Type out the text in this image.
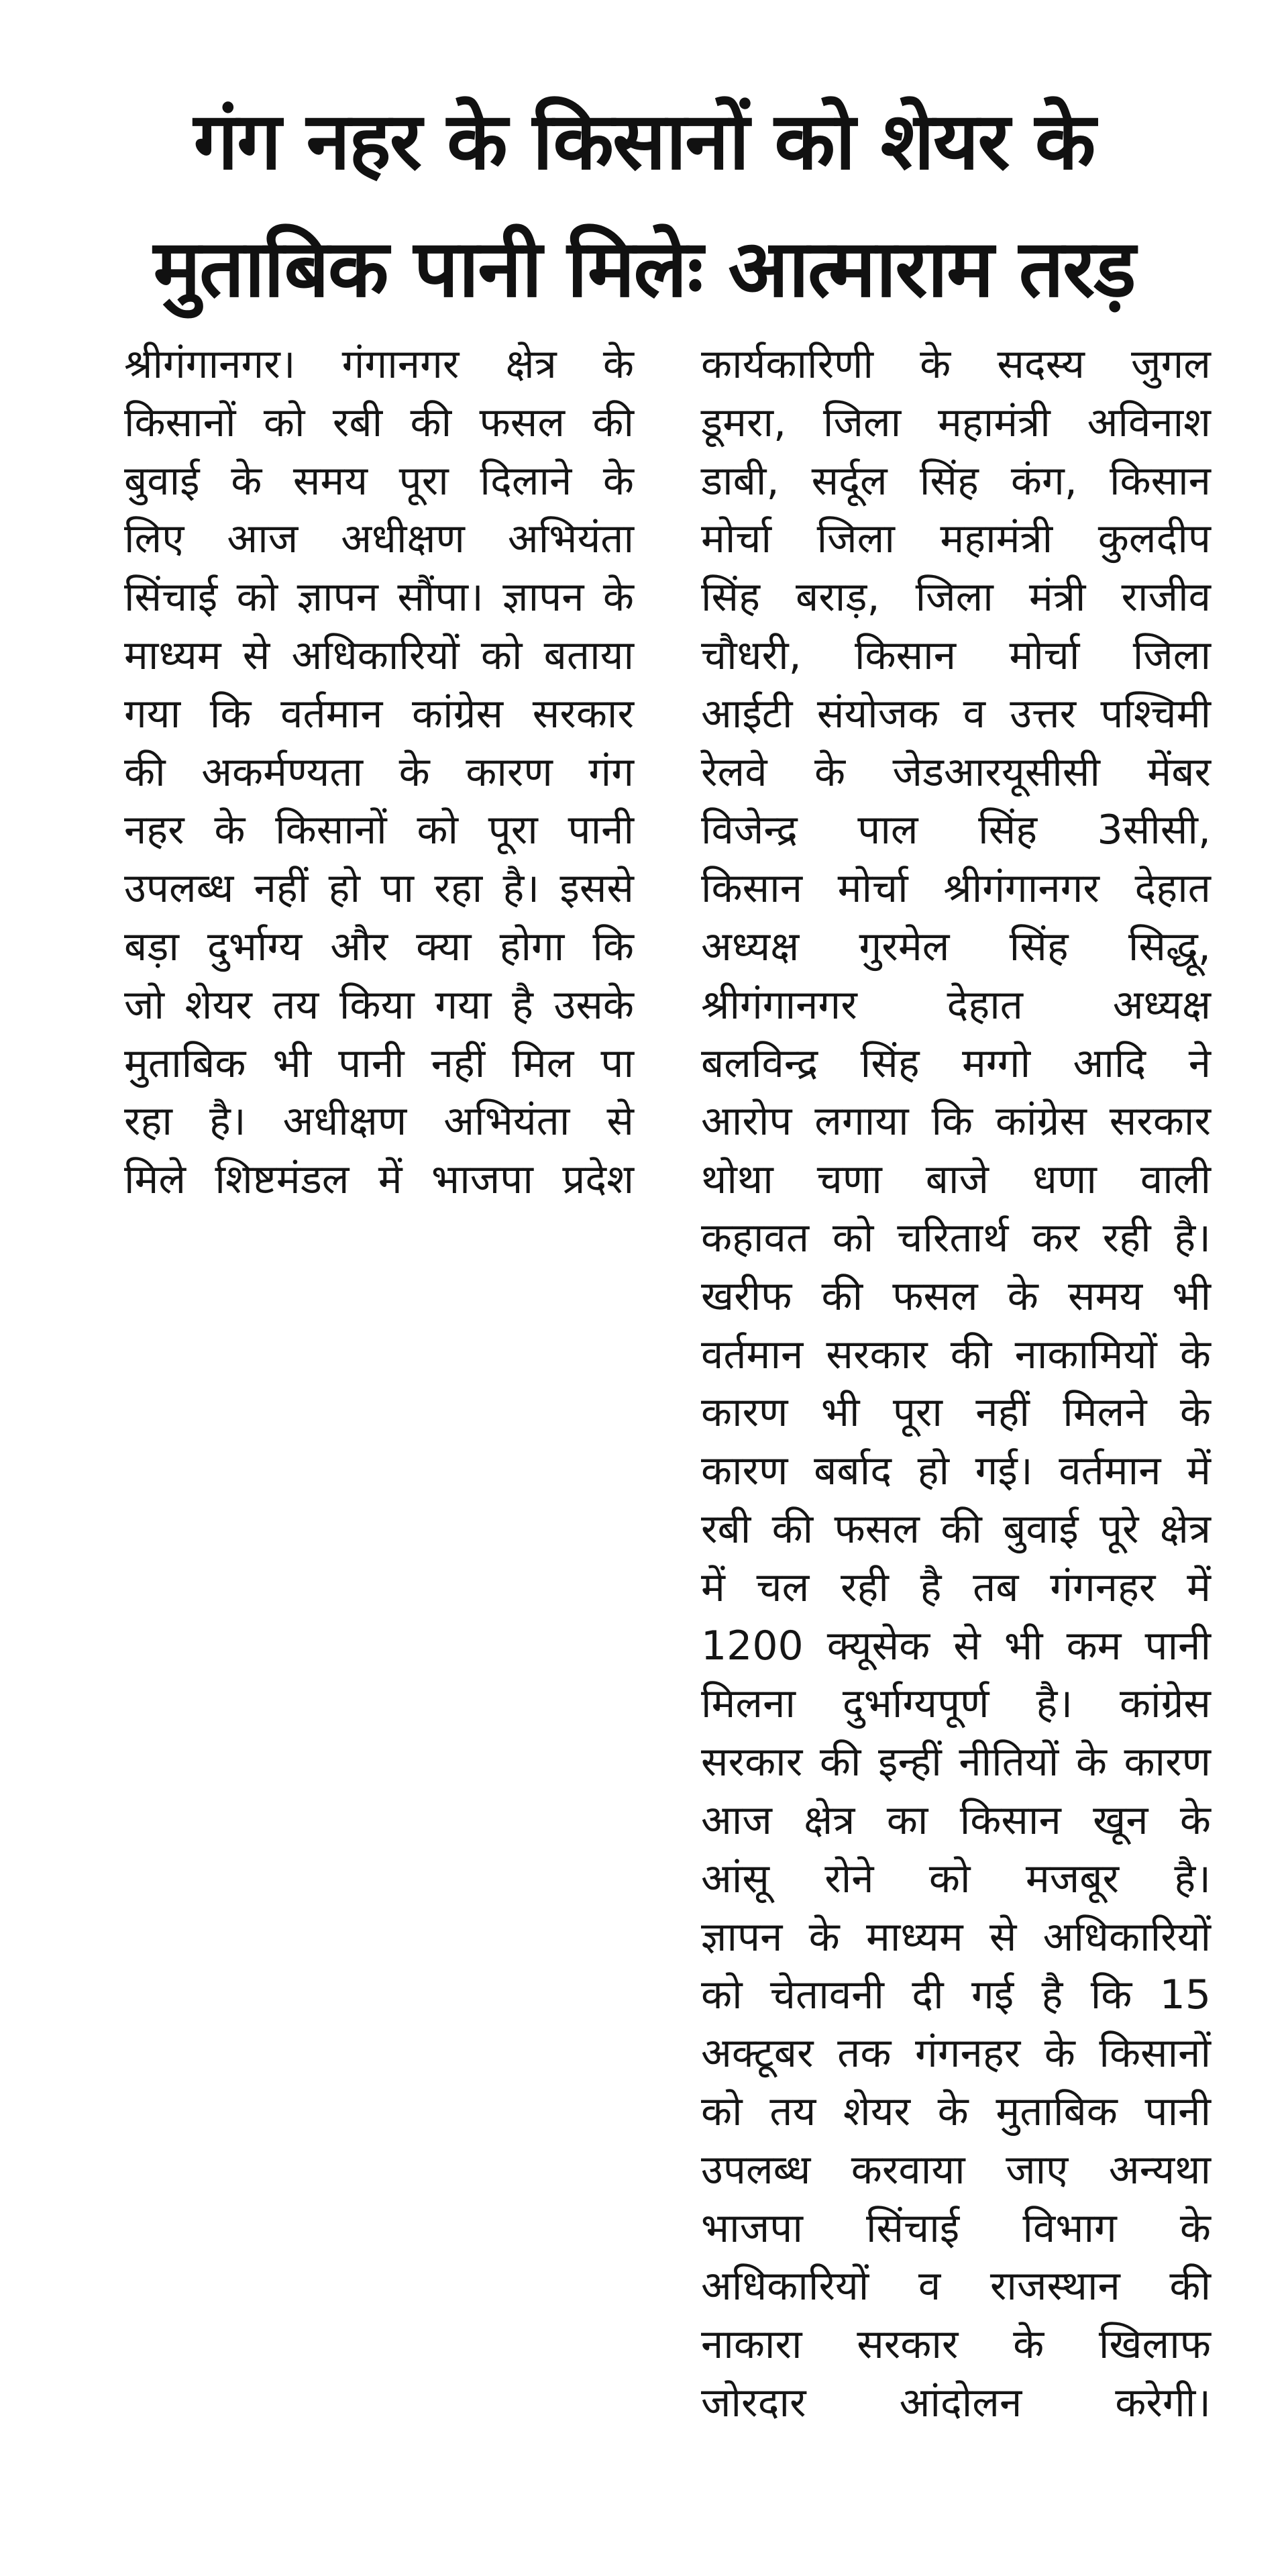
गंग नहर के किसानों को शेयर के
मुताबिक पानी मिलेः आत्माराम तरड़
श्रीगंगानगर। गंगानगर क्षेत्र के
किसानों को रबी की फसल की
बुवाई के समय पूरा दिलाने के
लिए आज अधीक्षण अभियंता
सिंचाई को ज्ञापन सौंपा। ज्ञापन के
माध्यम से अधिकारियों को बताया
गया कि वर्तमान कांग्रेस सरकार
की अकर्मण्यता के कारण गंग
नहर के किसानों को पूरा पानी
उपलब्ध नहीं हो पा रहा है। इससे
बड़ा दुर्भाग्य और क्या होगा कि
जो शेयर तय किया गया है उसके
मुताबिक भी पानी नहीं मिल पा
रहा है। अधीक्षण अभियंता से
मिले शिष्टमंडल में भाजपा प्रदेश
कार्यकारिणी के सदस्य जुगल
डूमरा, जिला महामंत्री अविनाश
डाबी, सर्दूल सिंह कंग, किसान
मोर्चा जिला महामंत्री कुलदीप
सिंह बराड़, जिला मंत्री राजीव
चौधरी, किसान मोर्चा जिला
आईटी संयोजक व उत्तर पश्चिमी
रेलवे के जेडआरयूसीसी मेंबर
विजेन्द्र पाल सिंह 3सीसी,
किसान मोर्चा श्रीगंगानगर देहात
अध्यक्ष गुरमेल सिंह सिद्धू,
श्रीगंगानगर देहात अध्यक्ष
बलविन्द्र सिंह मग्गो आदि ने
आरोप लगाया कि कांग्रेस सरकार
थोथा चणा बाजे धणा वाली
कहावत को चरितार्थ कर रही है।
खरीफ की फसल के समय भी
वर्तमान सरकार की नाकामियों के
कारण भी पूरा नहीं मिलने के
कारण बर्बाद हो गई। वर्तमान में
रबी की फसल की बुवाई पूरे क्षेत्र
में चल रही है तब गंगनहर में
1200 क्यूसेक से भी कम पानी
मिलना दुर्भाग्यपूर्ण है। कांग्रेस
सरकार की इन्हीं नीतियों के कारण
आज क्षेत्र का किसान खून के
आंसू रोने को मजबूर है।
ज्ञापन के माध्यम से अधिकारियों
को चेतावनी दी गई है कि 15
अक्टूबर तक गंगनहर के किसानों
को तय शेयर के मुताबिक पानी
उपलब्ध करवाया जाए अन्यथा
भाजपा सिंचाई विभाग के
अधिकारियों व राजस्थान की
नाकारा सरकार के खिलाफ
जोरदार आंदोलन करेगी।
